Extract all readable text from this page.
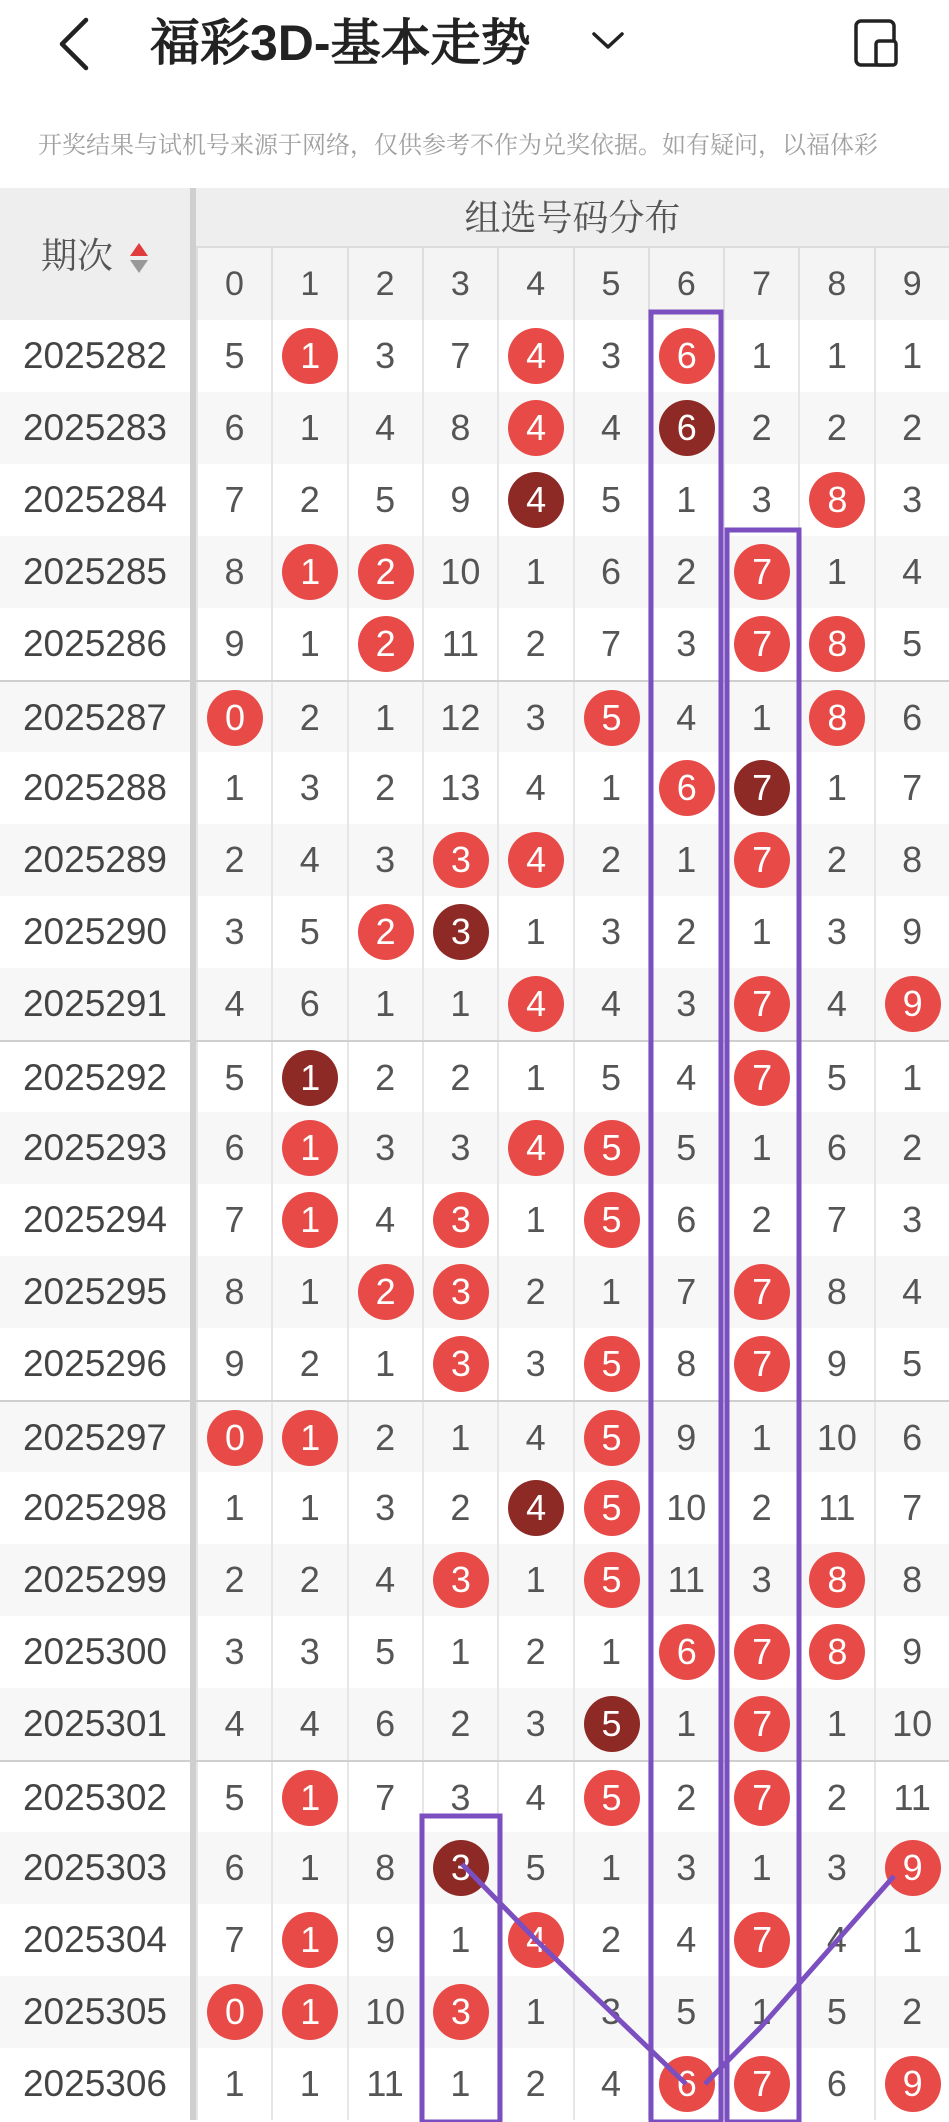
福彩3D-基本走势
开奖结果与试机号来源于网络，仅供参考不作为兑奖依据。如有疑问，以福体彩
期次
组选号码分布
0	1	2	3	4	5	6	7	8	9
2025282	5	1	3	7	4	3	6	1	1	1
2025283	6	1	4	8	4	4	6	2	2	2
2025284	7	2	5	9	4	5	1	3	8	3
2025285	8	1	2	10	1	6	2	7	1	4
2025286	9	1	2	11	2	7	3	7	8	5
2025287	0	2	1	12	3	5	4	1	8	6
2025288	1	3	2	13	4	1	6	7	1	7
2025289	2	4	3	3	4	2	1	7	2	8
2025290	3	5	2	3	1	3	2	1	3	9
2025291	4	6	1	1	4	4	3	7	4	9
2025292	5	1	2	2	1	5	4	7	5	1
2025293	6	1	3	3	4	5	5	1	6	2
2025294	7	1	4	3	1	5	6	2	7	3
2025295	8	1	2	3	2	1	7	7	8	4
2025296	9	2	1	3	3	5	8	7	9	5
2025297	0	1	2	1	4	5	9	1	10	6
2025298	1	1	3	2	4	5	10	2	11	7
2025299	2	2	4	3	1	5	11	3	8	8
2025300	3	3	5	1	2	1	6	7	8	9
2025301	4	4	6	2	3	5	1	7	1	10
2025302	5	1	7	3	4	5	2	7	2	11
2025303	6	1	8	3	5	1	3	1	3	9
2025304	7	1	9	1	4	2	4	7	4	1
2025305	0	1	10	3	1	3	5	1	5	2
2025306	1	1	11	1	2	4	6	7	6	9
